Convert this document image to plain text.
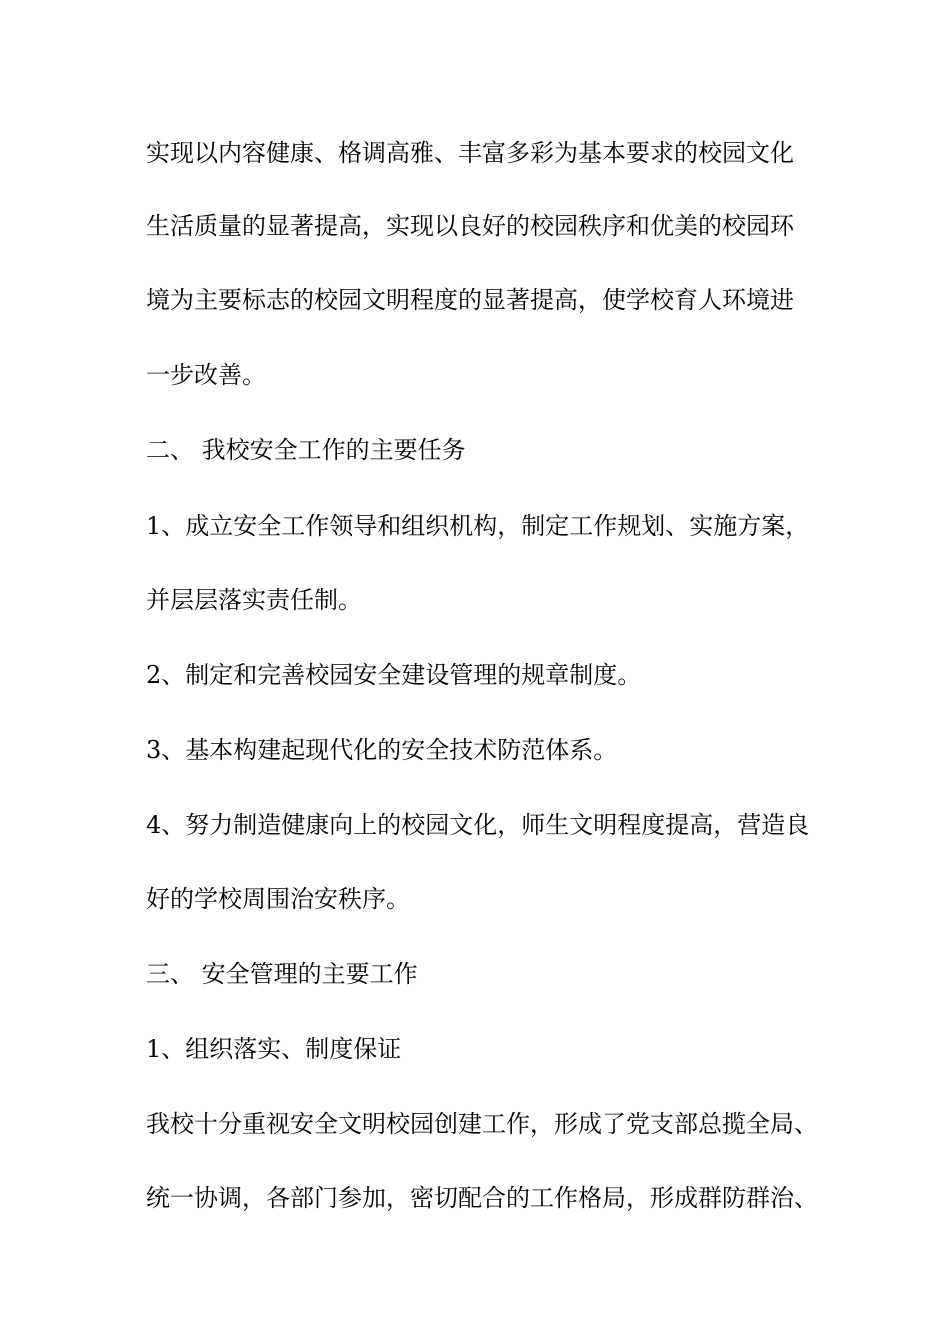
实现以内容健康、格调高雅、丰富多彩为基本要求的校园文化
生活质量的显著提高，实现以良好的校园秩序和优美的校园环
境为主要标志的校园文明程度的显著提高，使学校育人环境进
一步改善。
二、 我校安全工作的主要任务
1、成立安全工作领导和组织机构，制定工作规划、实施方案，
并层层落实责任制。
2、制定和完善校园安全建设管理的规章制度。
3、基本构建起现代化的安全技术防范体系。
4、努力制造健康向上的校园文化，师生文明程度提高，营造良
好的学校周围治安秩序。
三、 安全管理的主要工作
1、组织落实、制度保证
我校十分重视安全文明校园创建工作，形成了党支部总揽全局、
统一协调，各部门参加，密切配合的工作格局，形成群防群治、
